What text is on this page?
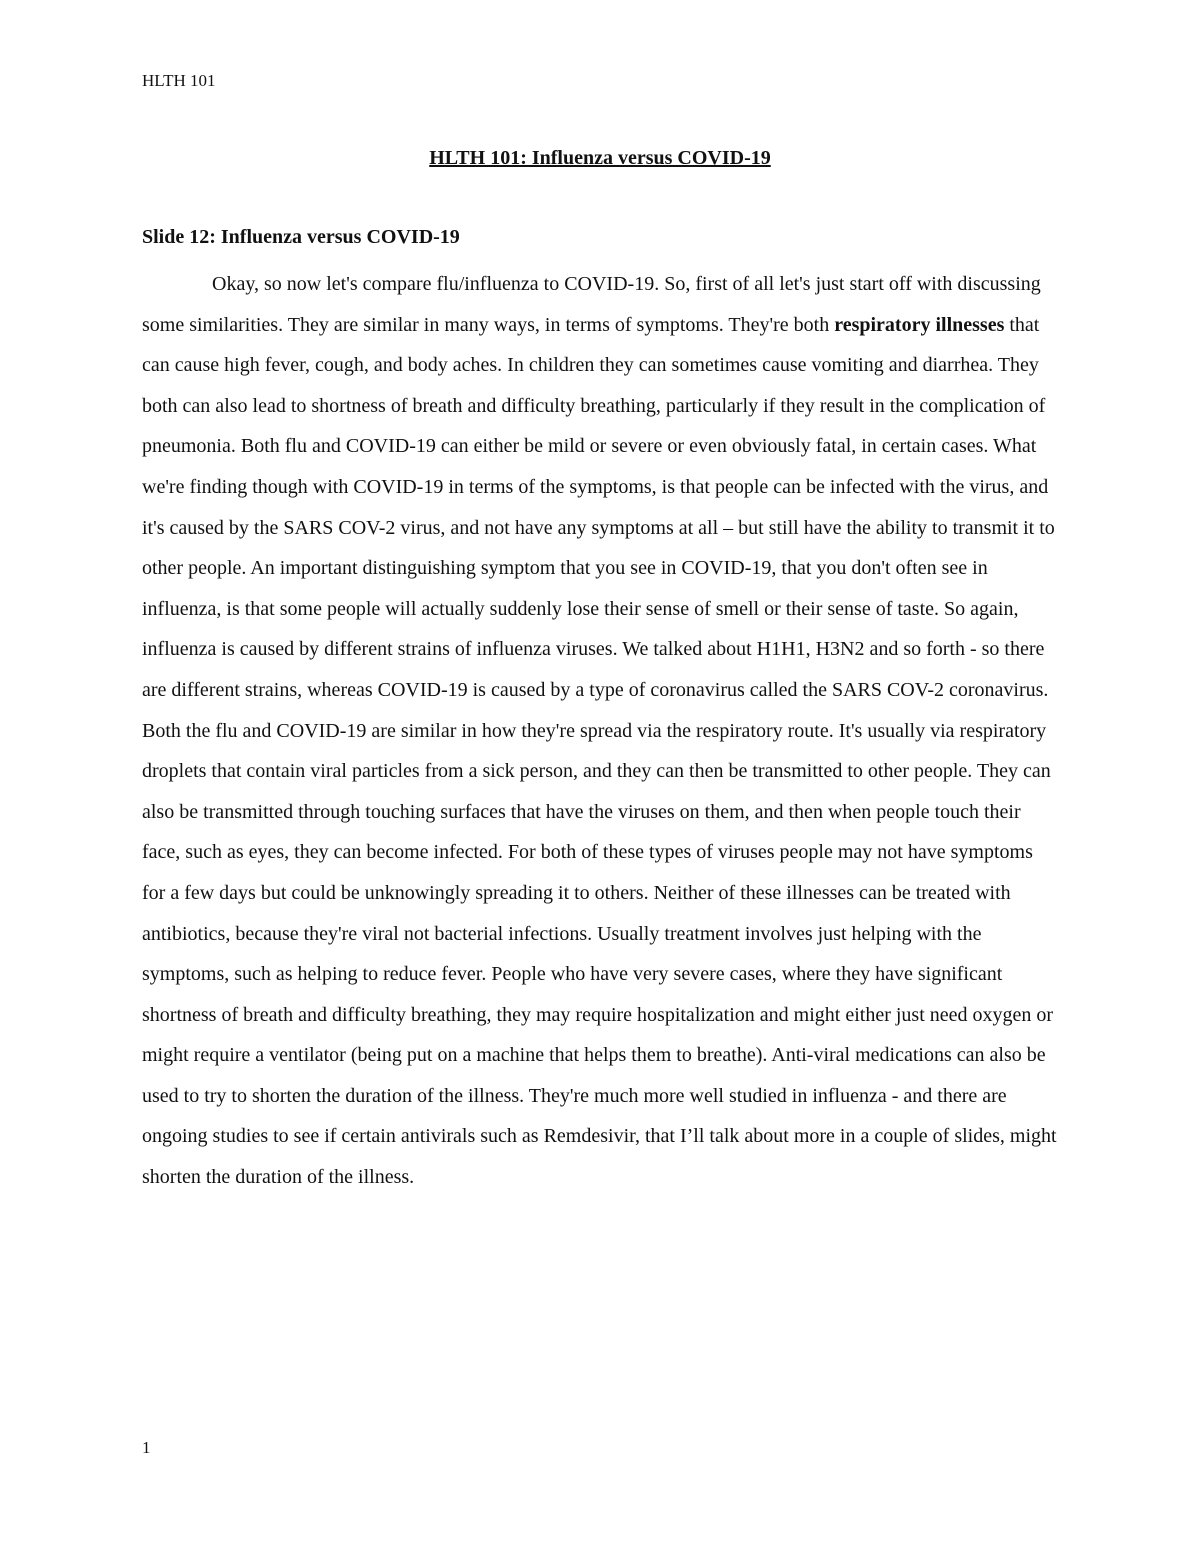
HLTH 101
HLTH 101: Influenza versus COVID-19
Slide 12: Influenza versus COVID-19

Okay, so now let's compare flu/influenza to COVID-19. So, first of all let's just start off with discussing some similarities. They are similar in many ways, in terms of symptoms. They're both respiratory illnesses that can cause high fever, cough, and body aches. In children they can sometimes cause vomiting and diarrhea. They both can also lead to shortness of breath and difficulty breathing, particularly if they result in the complication of pneumonia. Both flu and COVID-19 can either be mild or severe or even obviously fatal, in certain cases. What we're finding though with COVID-19 in terms of the symptoms, is that people can be infected with the virus, and it's caused by the SARS COV-2 virus, and not have any symptoms at all – but still have the ability to transmit it to other people. An important distinguishing symptom that you see in COVID-19, that you don't often see in influenza, is that some people will actually suddenly lose their sense of smell or their sense of taste. So again, influenza is caused by different strains of influenza viruses. We talked about H1H1, H3N2 and so forth - so there are different strains, whereas COVID-19 is caused by a type of coronavirus called the SARS COV-2 coronavirus. Both the flu and COVID-19 are similar in how they're spread via the respiratory route. It's usually via respiratory droplets that contain viral particles from a sick person, and they can then be transmitted to other people. They can also be transmitted through touching surfaces that have the viruses on them, and then when people touch their face, such as eyes, they can become infected. For both of these types of viruses people may not have symptoms for a few days but could be unknowingly spreading it to others. Neither of these illnesses can be treated with antibiotics, because they're viral not bacterial infections. Usually treatment involves just helping with the symptoms, such as helping to reduce fever. People who have very severe cases, where they have significant shortness of breath and difficulty breathing, they may require hospitalization and might either just need oxygen or might require a ventilator (being put on a machine that helps them to breathe). Anti-viral medications can also be used to try to shorten the duration of the illness. They're much more well studied in influenza - and there are ongoing studies to see if certain antivirals such as Remdesivir, that I’ll talk about more in a couple of slides, might shorten the duration of the illness.

1
